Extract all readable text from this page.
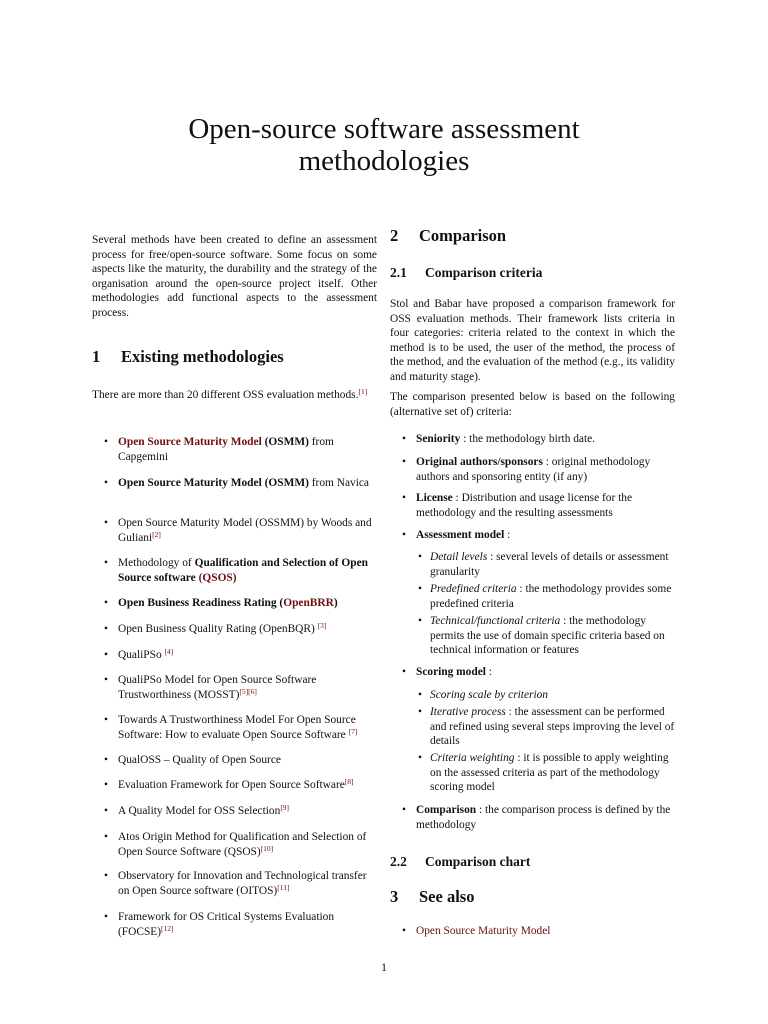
Open-source software assessment
methodologies

Several methods have been created to define an assessment process for free/open-source software. Some focus on some aspects like the maturity, the durability and the strategy of the organisation around the open-source project itself. Other methodologies add functional aspects to the assessment process.

1 Existing methodologies

There are more than 20 different OSS evaluation methods.[1]

• Open Source Maturity Model (OSMM) from Capgemini
• Open Source Maturity Model (OSMM) from Navica
• Open Source Maturity Model (OSSMM) by Woods and Guliani[2]
• Methodology of Qualification and Selection of Open Source software (QSOS)
• Open Business Readiness Rating (OpenBRR)
• Open Business Quality Rating (OpenBQR) [3]
• QualiPSo [4]
• QualiPSo Model for Open Source Software Trustworthiness (MOSST)[5][6]
• Towards A Trustworthiness Model For Open Source Software: How to evaluate Open Source Software [7]
• QualOSS – Quality of Open Source
• Evaluation Framework for Open Source Software[8]
• A Quality Model for OSS Selection[9]
• Atos Origin Method for Qualification and Selection of Open Source Software (QSOS)[10]
• Observatory for Innovation and Technological transfer on Open Source software (OITOS)[11]
• Framework for OS Critical Systems Evaluation (FOCSE)[12]
2 Comparison
2.1 Comparison criteria

Stol and Babar have proposed a comparison framework for OSS evaluation methods. Their framework lists criteria in four categories: criteria related to the context in which the method is to be used, the user of the method, the process of the method, and the evaluation of the method (e.g., its validity and maturity stage).

The comparison presented below is based on the following (alternative set of) criteria:

• Seniority : the methodology birth date.
• Original authors/sponsors : original methodology authors and sponsoring entity (if any)
• License : Distribution and usage license for the methodology and the resulting assessments
• Assessment model :
• Scoring model :
• Comparison : the comparison process is defined by the methodology
• Detail levels : several levels of details or assessment granularity
• Predefined criteria : the methodology provides some predefined criteria
• Technical/functional criteria : the methodology permits the use of domain specific criteria based on technical information or features
• Scoring scale by criterion
• Iterative process : the assessment can be performed and refined using several steps improving the level of details
• Criteria weighting : it is possible to apply weighting on the assessed criteria as part of the methodology scoring model
2.2 Comparison chart
3 See also
• Open Source Maturity Model
1
